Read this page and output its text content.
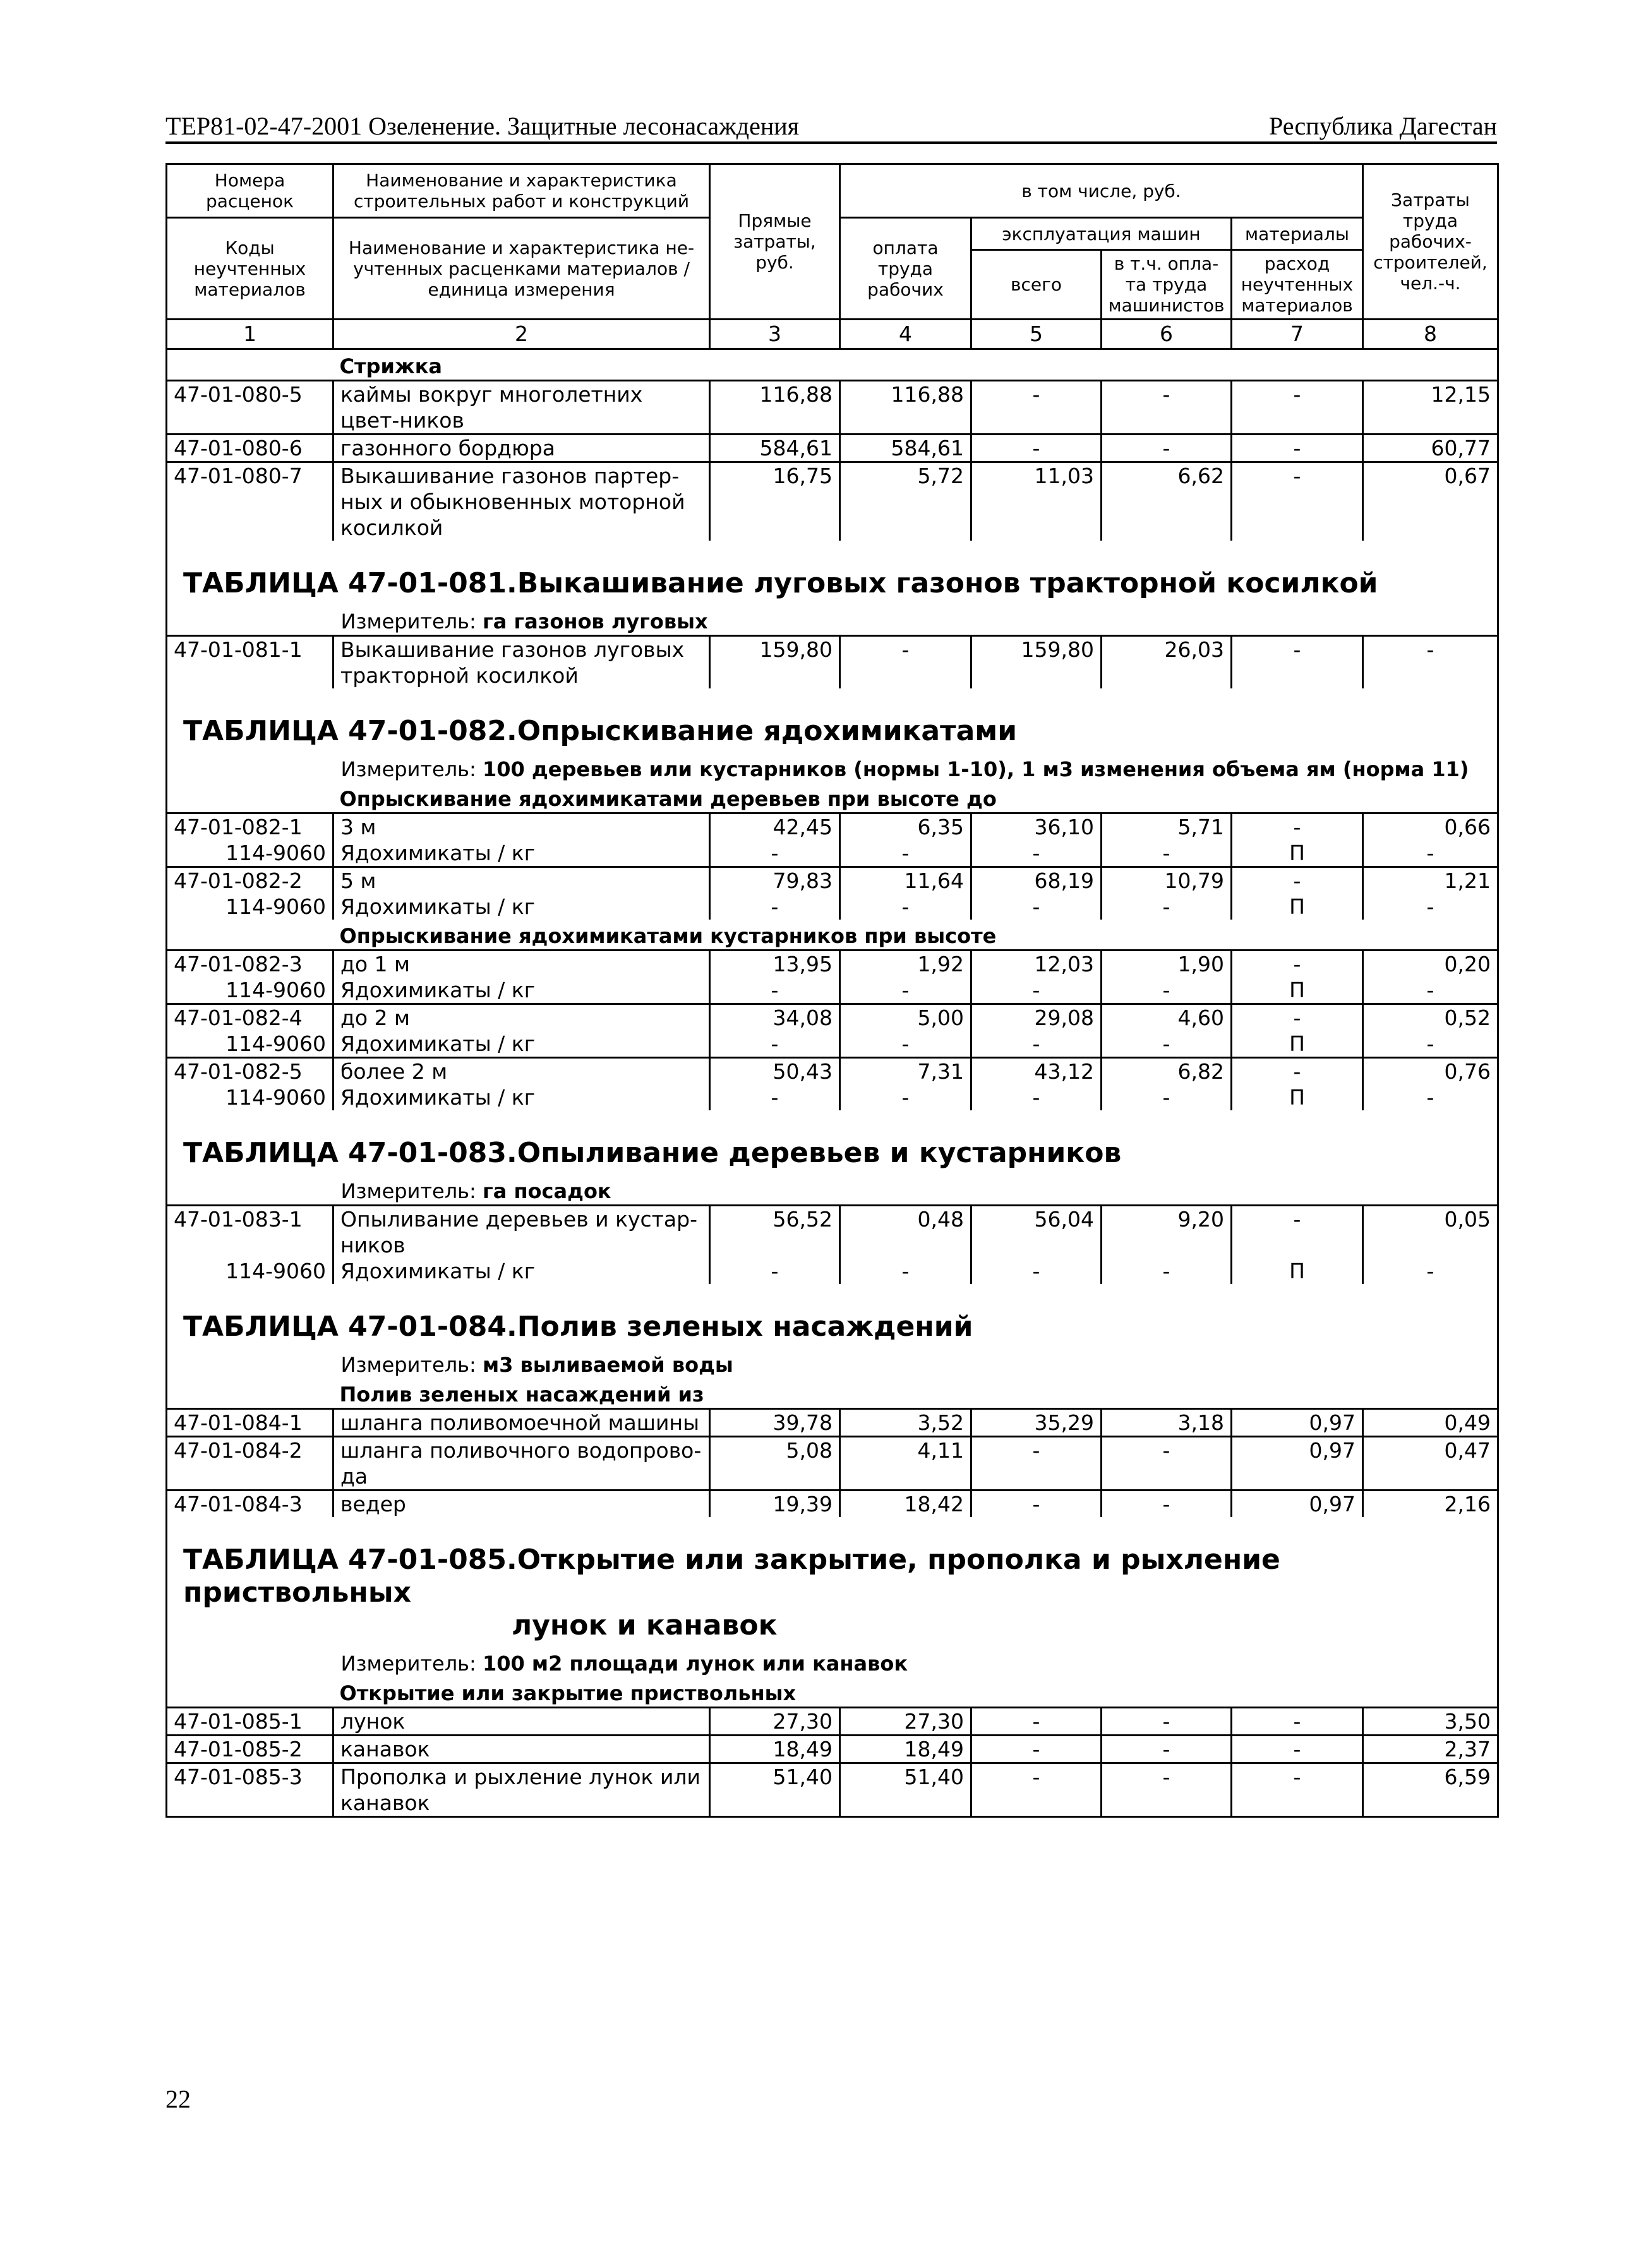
ТЕР81-02-47-2001 Озеленение. Защитные лесонасаждения	Республика Дагестан
Номера расценок	Наименование и характеристика строительных работ и конструкций	Прямые затраты, руб.	в том числе, руб.				Затраты труда рабочих-строителей, чел.-ч.
Коды неучтенных материалов	Наименование и характеристика не-учтенных расценками материалов / единица измерения		оплата труда рабочих	эксплуатация машин		материалы	
				всего	в т.ч. опла-та труда машинистов	расход неучтенных материалов	
1	2	3	4	5	6	7	8
	Стрижка						
47-01-080-5	каймы вокруг многолетних цвет-ников	116,88	116,88	-	-	-	12,15
47-01-080-6	газонного бордюра	584,61	584,61	-	-	-	60,77
47-01-080-7	Выкашивание газонов партер-ных и обыкновенных моторной косилкой	16,75	5,72	11,03	6,62	-	0,67
ТАБЛИЦА 47-01-081.Выкашивание луговых газонов тракторной косилкой							
	Измеритель: га газонов луговых						
47-01-081-1	Выкашивание газонов луговых тракторной косилкой	159,80	-	159,80	26,03	-	-
ТАБЛИЦА 47-01-082.Опрыскивание ядохимикатами							
	Измеритель: 100 деревьев или кустарников (нормы 1-10), 1 м3 изменения объема ям (норма 11)						
	Опрыскивание ядохимикатами деревьев при высоте до						
47-01-082-1	3 м	42,45	6,35	36,10	5,71	-	0,66
114-9060	Ядохимикаты / кг	-	-	-	-	П	-
47-01-082-2	5 м	79,83	11,64	68,19	10,79	-	1,21
114-9060	Ядохимикаты / кг	-	-	-	-	П	-
	Опрыскивание ядохимикатами кустарников при высоте						
47-01-082-3	до 1 м	13,95	1,92	12,03	1,90	-	0,20
114-9060	Ядохимикаты / кг	-	-	-	-	П	-
47-01-082-4	до 2 м	34,08	5,00	29,08	4,60	-	0,52
114-9060	Ядохимикаты / кг	-	-	-	-	П	-
47-01-082-5	более 2 м	50,43	7,31	43,12	6,82	-	0,76
114-9060	Ядохимикаты / кг	-	-	-	-	П	-
ТАБЛИЦА 47-01-083.Опыливание деревьев и кустарников							
	Измеритель: га посадок						
47-01-083-1	Опыливание деревьев и кустар-ников	56,52	0,48	56,04	9,20	-	0,05
114-9060	Ядохимикаты / кг	-	-	-	-	П	-
ТАБЛИЦА 47-01-084.Полив зеленых насаждений							
	Измеритель: м3 выливаемой воды						
	Полив зеленых насаждений из						
47-01-084-1	шланга поливомоечной машины	39,78	3,52	35,29	3,18	0,97	0,49
47-01-084-2	шланга поливочного водопрово-да	5,08	4,11	-	-	0,97	0,47
47-01-084-3	ведер	19,39	18,42	-	-	0,97	2,16
ТАБЛИЦА 47-01-085.Открытие или закрытие, прополка и рыхление приствольных
лунок и канавок							
	Измеритель: 100 м2 площади лунок или канавок						
	Открытие или закрытие приствольных						
47-01-085-1	лунок	27,30	27,30	-	-	-	3,50
47-01-085-2	канавок	18,49	18,49	-	-	-	2,37
47-01-085-3	Прополка и рыхление лунок или канавок	51,40	51,40	-	-	-	6,59
22
